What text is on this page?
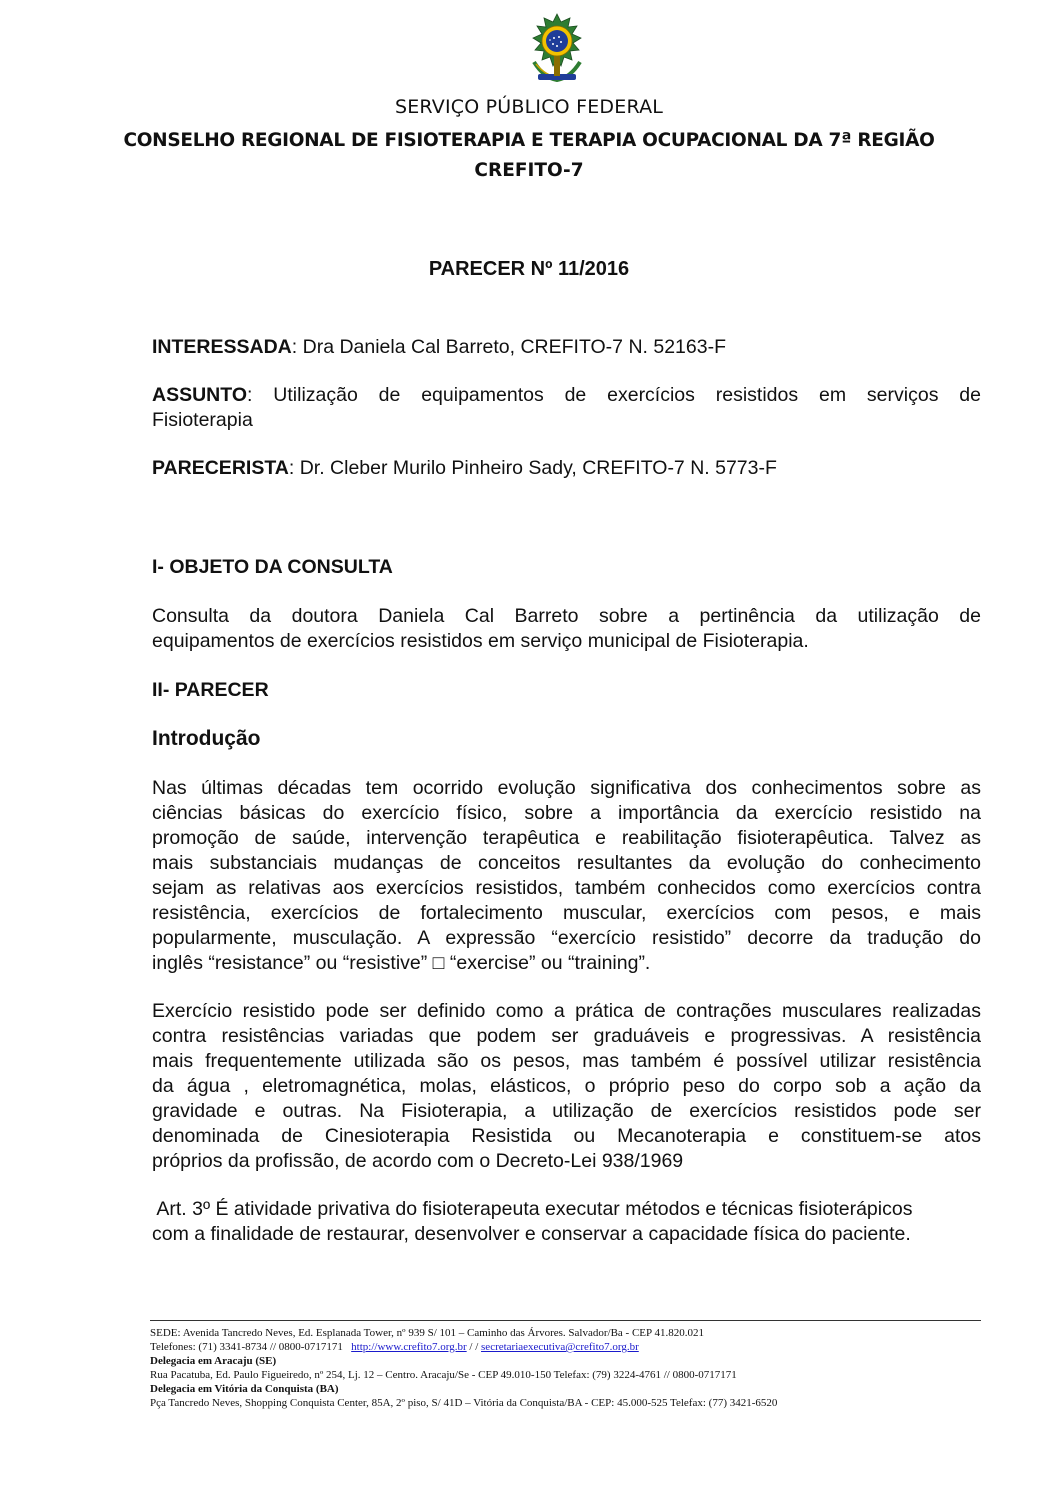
SERVIÇO PÚBLICO FEDERAL
CONSELHO REGIONAL DE FISIOTERAPIA E TERAPIA OCUPACIONAL DA 7ª REGIÃO
CREFITO-7
PARECER Nº 11/2016
INTERESSADA: Dra Daniela Cal Barreto, CREFITO-7 N. 52163-F
ASSUNTO: Utilização de equipamentos de exercícios resistidos em serviços de
Fisioterapia
PARECERISTA: Dr. Cleber Murilo Pinheiro Sady, CREFITO-7 N. 5773-F
I- OBJETO DA CONSULTA
Consulta da doutora Daniela Cal Barreto sobre a pertinência da utilização de
equipamentos de exercícios resistidos em serviço municipal de Fisioterapia.
II- PARECER
Introdução
Nas últimas décadas tem ocorrido evolução significativa dos conhecimentos sobre as
ciências básicas do exercício físico, sobre a importância da exercício resistido na
promoção de saúde, intervenção terapêutica e reabilitação fisioterapêutica. Talvez as
mais substanciais mudanças de conceitos resultantes da evolução do conhecimento
sejam as relativas aos exercícios resistidos, também conhecidos como exercícios contra
resistência, exercícios de fortalecimento muscular, exercícios com pesos, e mais
popularmente, musculação. A expressão “exercício resistido” decorre da tradução do
inglês “resistance” ou “resistive” □ “exercise” ou “training”.
Exercício resistido pode ser definido como a prática de contrações musculares realizadas
contra resistências variadas que podem ser graduáveis e progressivas. A resistência
mais frequentemente utilizada são os pesos, mas também é possível utilizar resistência
da água , eletromagnética, molas, elásticos, o próprio peso do corpo sob a ação da
gravidade e outras. Na Fisioterapia, a utilização de exercícios resistidos pode ser
denominada de Cinesioterapia Resistida ou Mecanoterapia e constituem-se atos
próprios da profissão, de acordo com o Decreto-Lei 938/1969
Art. 3º É atividade privativa do fisioterapeuta executar métodos e técnicas fisioterápicos
com a finalidade de restaurar, desenvolver e conservar a capacidade física do paciente.
SEDE: Avenida Tancredo Neves, Ed. Esplanada Tower, nº 939 S/ 101 – Caminho das Árvores. Salvador/Ba - CEP 41.820.021
Telefones: (71) 3341-8734 // 0800-0717171   http://www.crefito7.org.br / / secretariaexecutiva@crefito7.org.br
Delegacia em Aracaju (SE)
Rua Pacatuba, Ed. Paulo Figueiredo, nº 254, Lj. 12 – Centro. Aracaju/Se - CEP 49.010-150 Telefax: (79) 3224-4761 // 0800-0717171
Delegacia em Vitória da Conquista (BA)
Pça Tancredo Neves, Shopping Conquista Center, 85A, 2º piso, S/ 41D – Vitória da Conquista/BA - CEP: 45.000-525 Telefax: (77) 3421-6520
